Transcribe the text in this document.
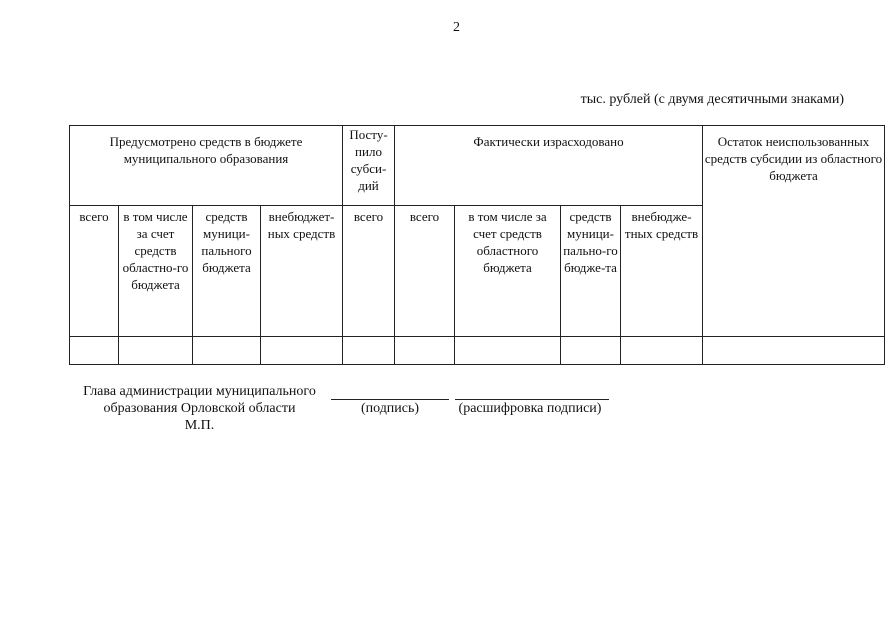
2
тыс. рублей (с двумя десятичными знаками)
Предусмотрено средств в бюджете муниципального образования				Посту-пило субси-дий	Фактически израсходовано				Остаток неиспользованных средств субсидии из областного бюджета
всего	в том числе за счет средств областно-го бюджета	средств муници-пального бюджета	внебюджет-ных средств	всего	всего	в том числе за счет средств областного бюджета	средств муници-пально-го бюдже-та	внебюдже-тных средств	

Глава администрации муниципального
образования Орловской области
М.П.
(подпись)	(расшифровка подписи)
